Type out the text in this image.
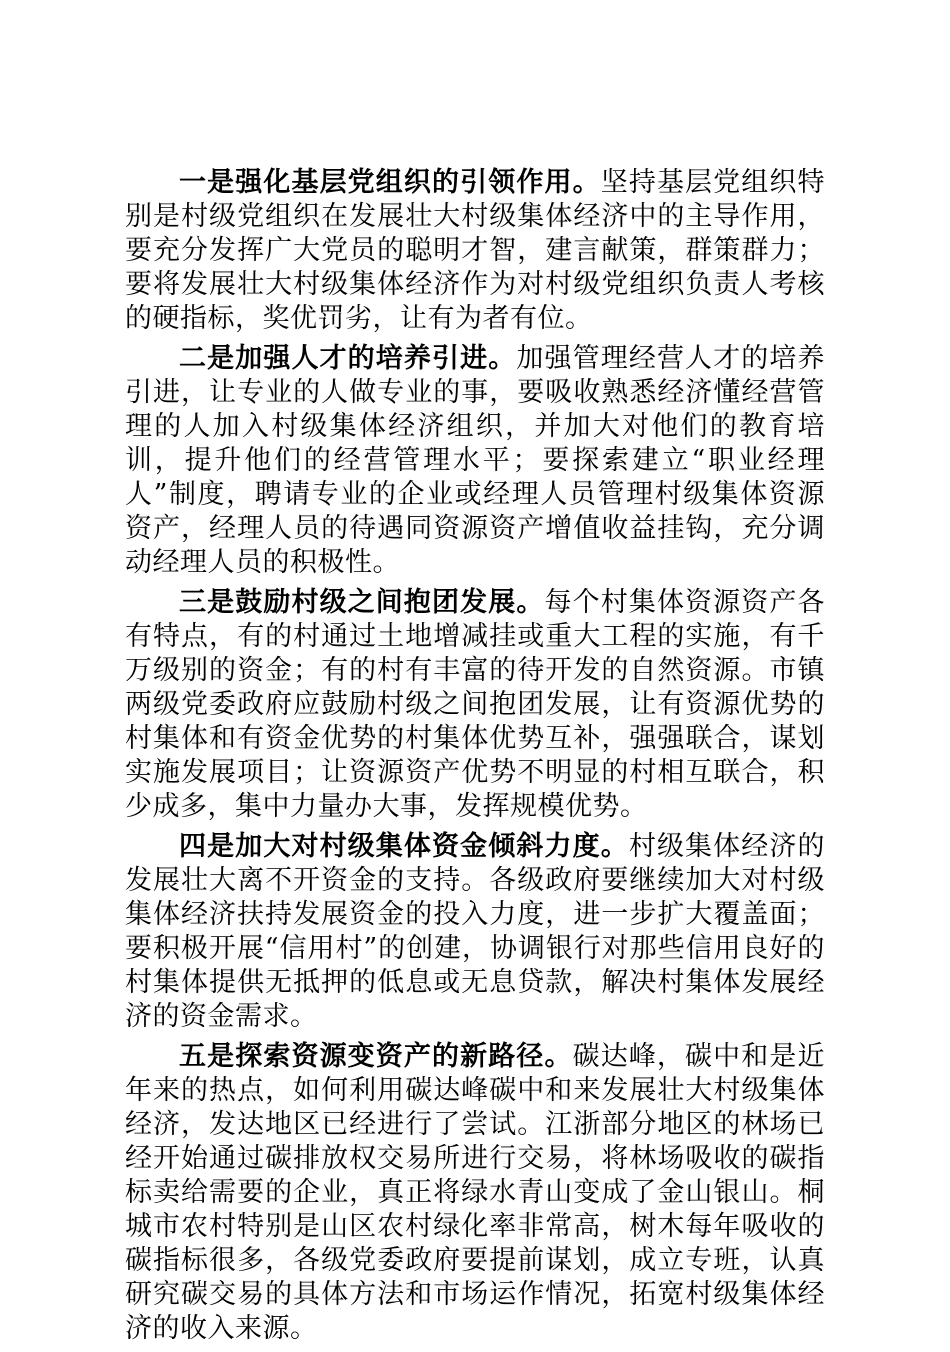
一是强化基层党组织的引领作用。坚持基层党组织特别是村级党组织在发展壮大村级集体经济中的主导作用，要充分发挥广大党员的聪明才智，建言献策，群策群力；要将发展壮大村级集体经济作为对村级党组织负责人考核的硬指标，奖优罚劣，让有为者有位。

二是加强人才的培养引进。加强管理经营人才的培养引进，让专业的人做专业的事，要吸收熟悉经济懂经营管理的人加入村级集体经济组织，并加大对他们的教育培训，提升他们的经营管理水平；要探索建立“职业经理人”制度，聘请专业的企业或经理人员管理村级集体资源资产，经理人员的待遇同资源资产增值收益挂钩，充分调动经理人员的积极性。

三是鼓励村级之间抱团发展。每个村集体资源资产各有特点，有的村通过土地增减挂或重大工程的实施，有千万级别的资金；有的村有丰富的待开发的自然资源。市镇两级党委政府应鼓励村级之间抱团发展，让有资源优势的村集体和有资金优势的村集体优势互补，强强联合，谋划实施发展项目；让资源资产优势不明显的村相互联合，积少成多，集中力量办大事，发挥规模优势。

四是加大对村级集体资金倾斜力度。村级集体经济的发展壮大离不开资金的支持。各级政府要继续加大对村级集体经济扶持发展资金的投入力度，进一步扩大覆盖面；要积极开展“信用村”的创建，协调银行对那些信用良好的村集体提供无抵押的低息或无息贷款，解决村集体发展经济的资金需求。

五是探索资源变资产的新路径。碳达峰，碳中和是近年来的热点，如何利用碳达峰碳中和来发展壮大村级集体经济，发达地区已经进行了尝试。江浙部分地区的林场已经开始通过碳排放权交易所进行交易，将林场吸收的碳指标卖给需要的企业，真正将绿水青山变成了金山银山。桐城市农村特别是山区农村绿化率非常高，树木每年吸收的碳指标很多，各级党委政府要提前谋划，成立专班，认真研究碳交易的具体方法和市场运作情况，拓宽村级集体经济的收入来源。
